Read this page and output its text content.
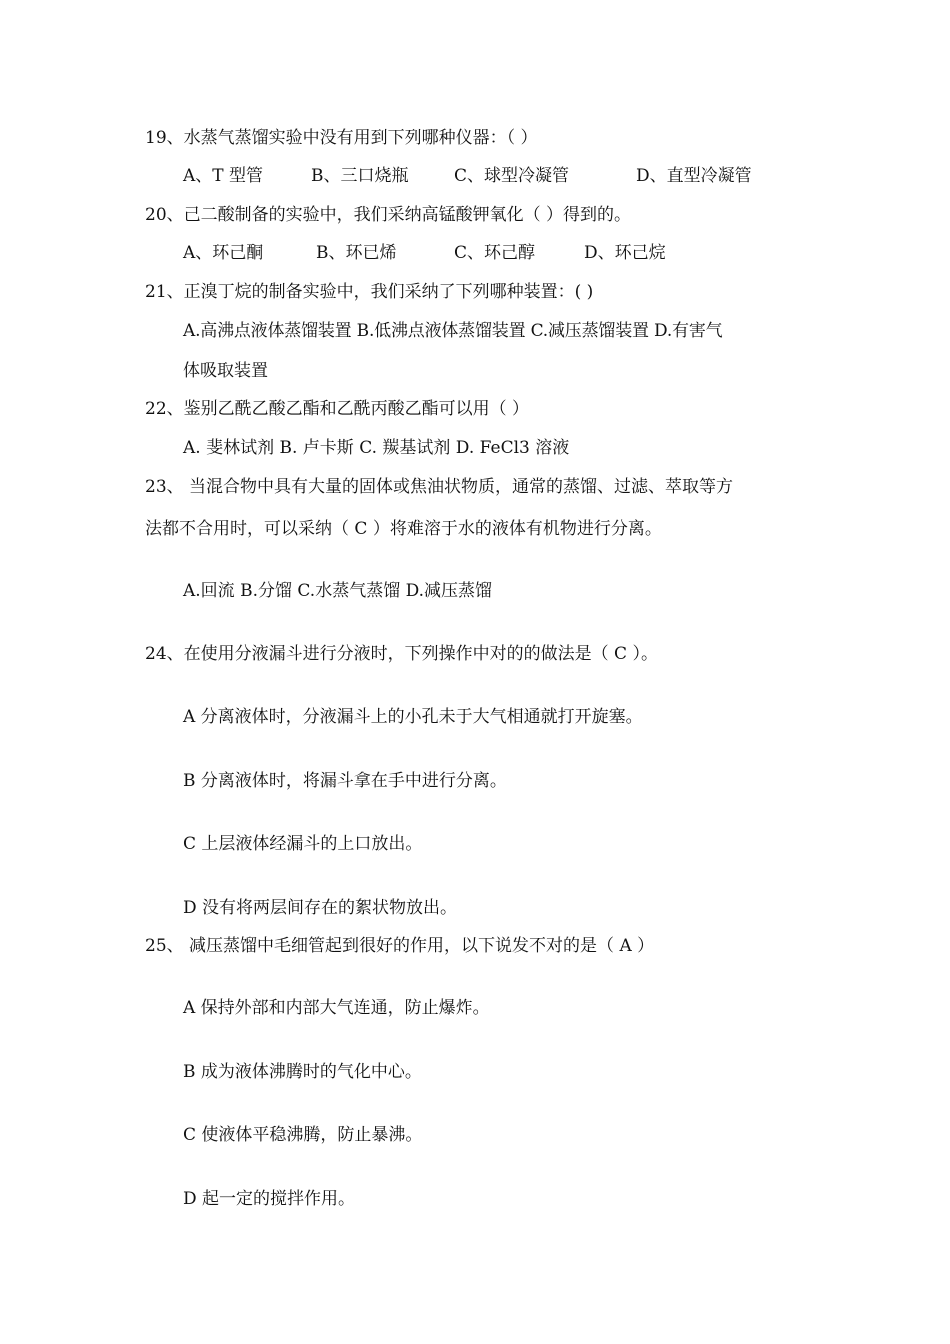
19、水蒸气蒸馏实验中没有用到下列哪种仪器：（ ）
A、T 型管	B、三口烧瓶	C、球型冷凝管	D、直型冷凝管
20、己二酸制备的实验中，我们采纳高锰酸钾氧化（ ）得到的。
A、环己酮	B、环已烯	C、环己醇	D、环己烷
21、正溴丁烷的制备实验中，我们采纳了下列哪种装置：( )
A.高沸点液体蒸馏装置 B.低沸点液体蒸馏装置 C.减压蒸馏装置 D.有害气
体吸取装置
22、鉴别乙酰乙酸乙酯和乙酰丙酸乙酯可以用（ ）
A. 斐林试剂 B. 卢卡斯 C. 羰基试剂 D. FeCl3 溶液
23、 当混合物中具有大量的固体或焦油状物质，通常的蒸馏、过滤、萃取等方
法都不合用时，可以采纳（ C ）将难溶于水的液体有机物进行分离。
A.回流 B.分馏 C.水蒸气蒸馏 D.减压蒸馏
24、在使用分液漏斗进行分液时，下列操作中对的的做法是（ C ）。
A 分离液体时，分液漏斗上的小孔未于大气相通就打开旋塞。
B 分离液体时，将漏斗拿在手中进行分离。
C 上层液体经漏斗的上口放出。
D 没有将两层间存在的絮状物放出。
25、 减压蒸馏中毛细管起到很好的作用，以下说发不对的是（ A ）
A 保持外部和内部大气连通，防止爆炸。
B 成为液体沸腾时的气化中心。
C 使液体平稳沸腾，防止暴沸。
D 起一定的搅拌作用。
